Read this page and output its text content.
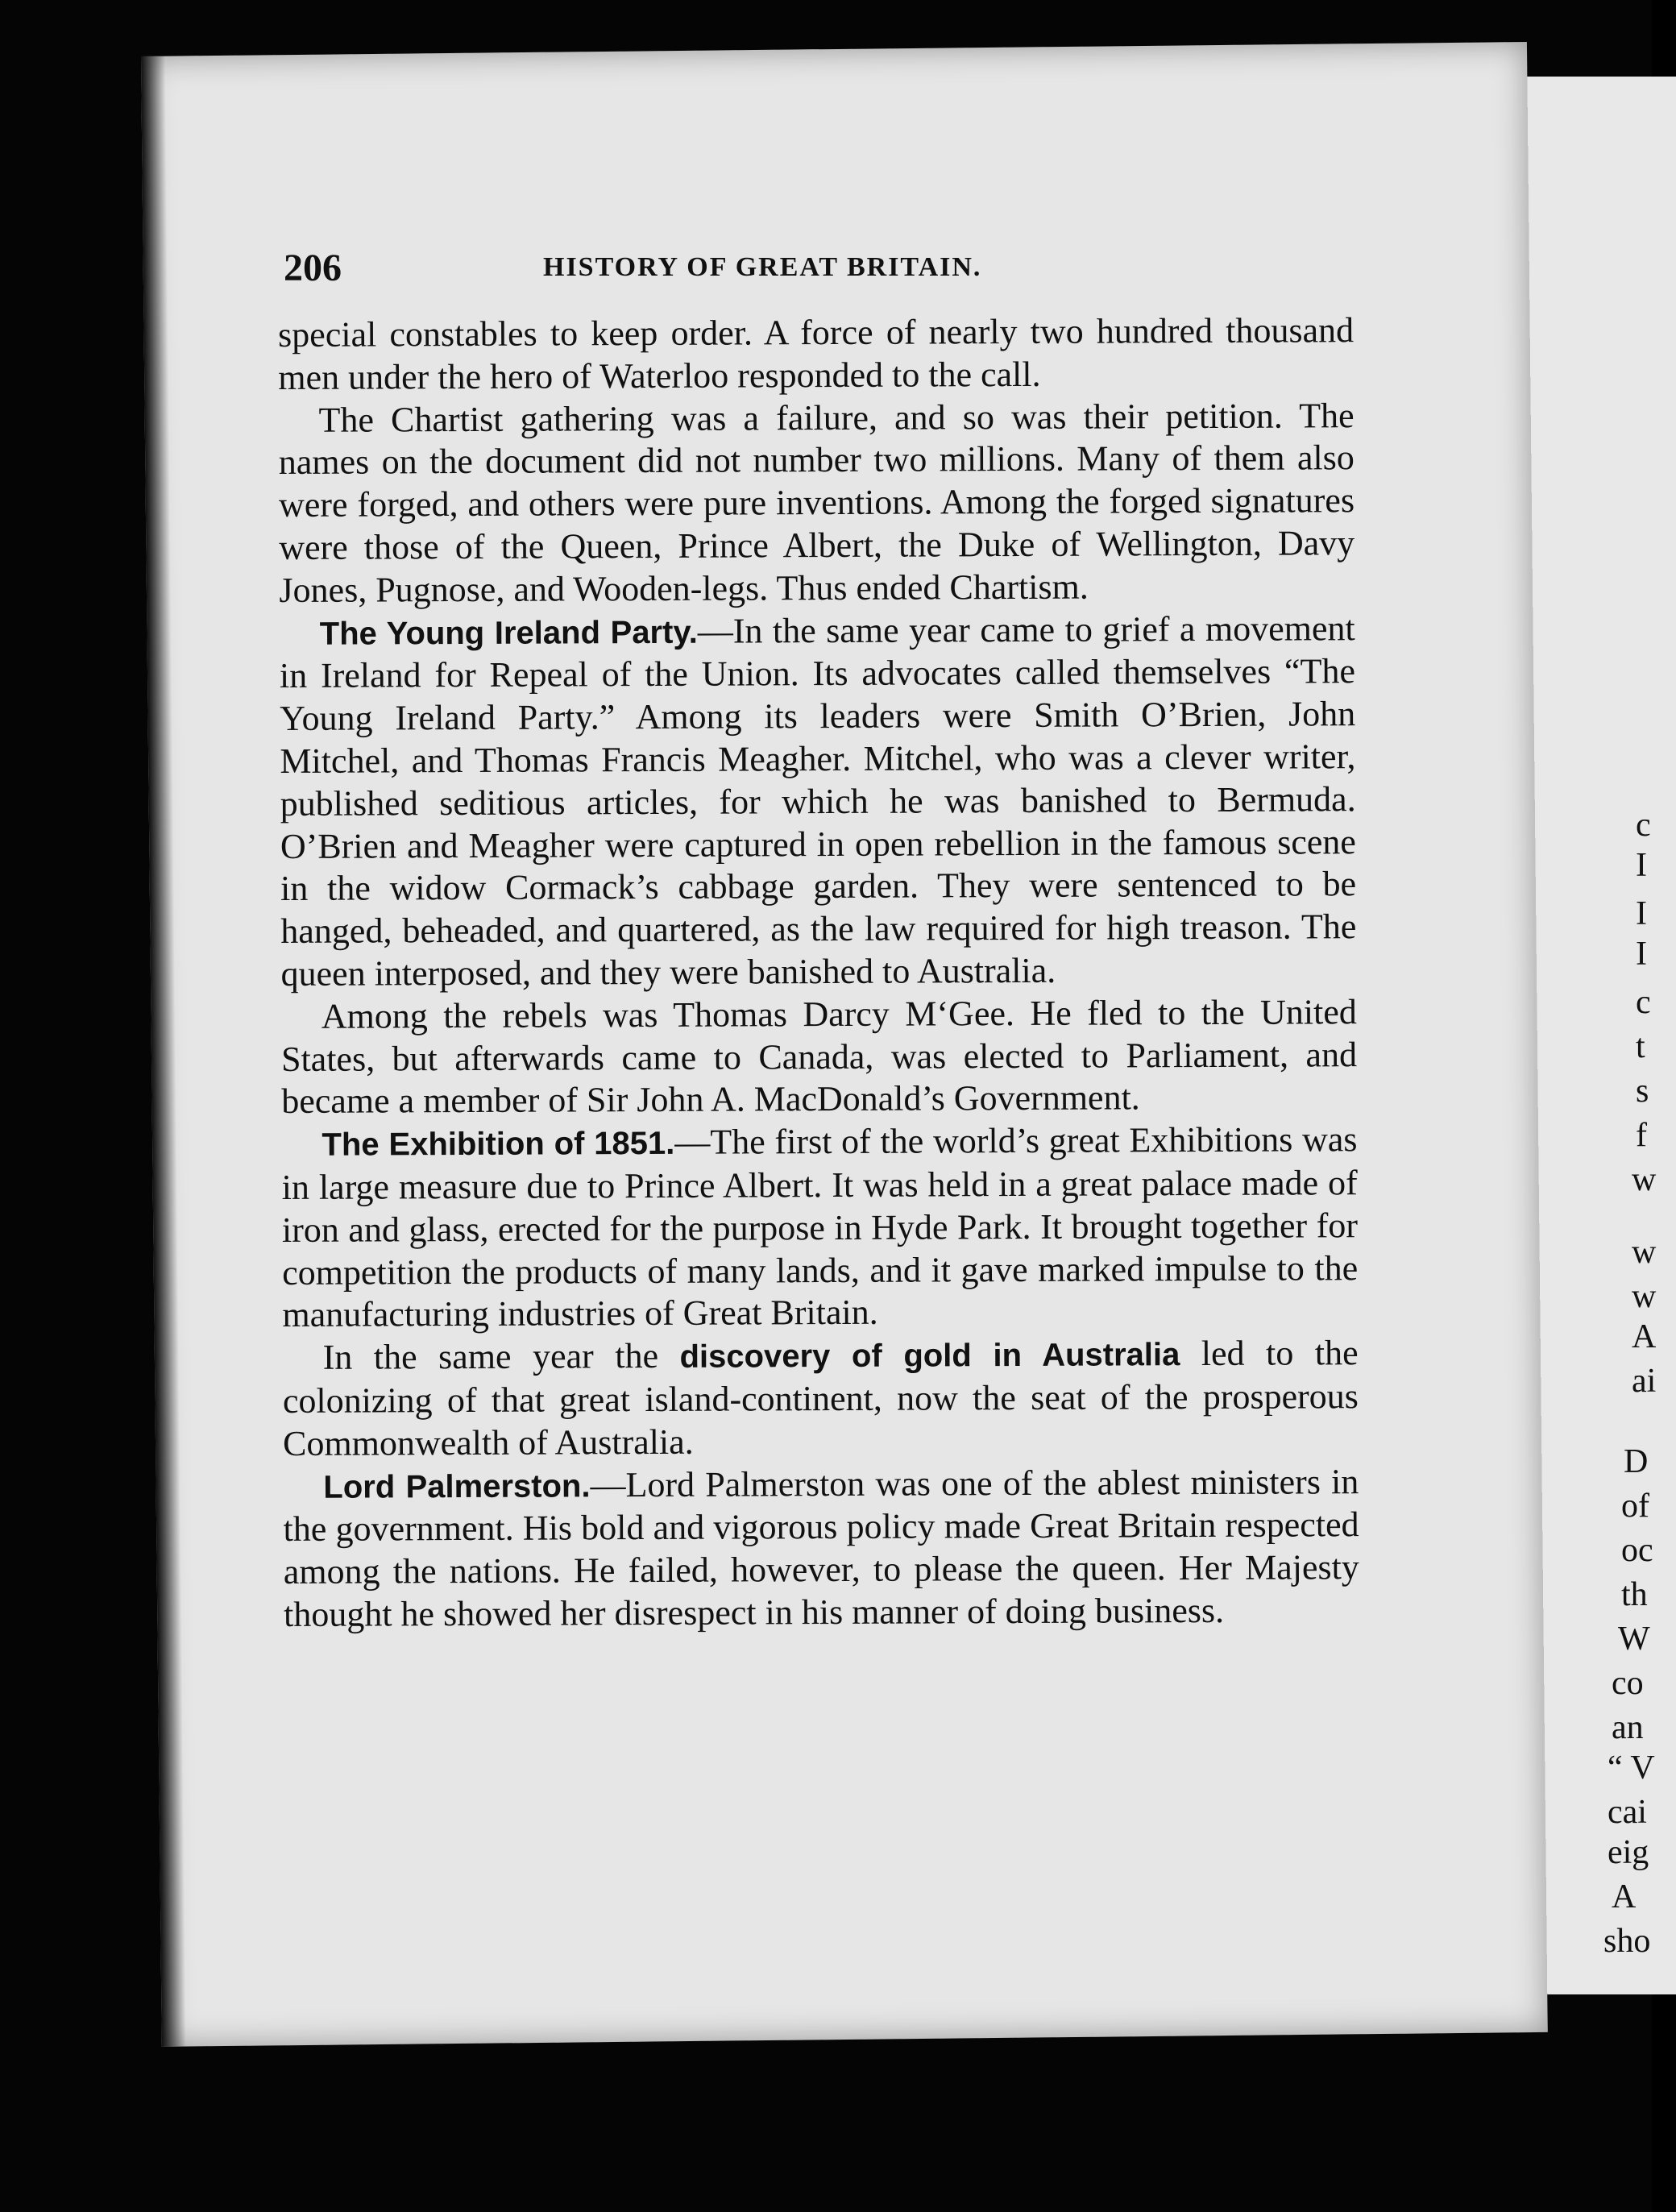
206	HISTORY OF GREAT BRITAIN.

special constables to keep order. A force of nearly two hundred thousand men under the hero of Waterloo responded to the call.

The Chartist gathering was a failure, and so was their petition. The names on the document did not number two millions. Many of them also were forged, and others were pure inventions. Among the forged signatures were those of the Queen, Prince Albert, the Duke of Wellington, Davy Jones, Pugnose, and Wooden-legs. Thus ended Chartism.

The Young Ireland Party.—In the same year came to grief a movement in Ireland for Repeal of the Union. Its advocates called themselves “The Young Ireland Party.” Among its leaders were Smith O’Brien, John Mitchel, and Thomas Francis Meagher. Mitchel, who was a clever writer, published seditious articles, for which he was banished to Bermuda. O’Brien and Meagher were captured in open rebellion in the famous scene in the widow Cormack’s cabbage garden. They were sentenced to be hanged, beheaded, and quartered, as the law required for high treason. The queen interposed, and they were banished to Australia.

Among the rebels was Thomas Darcy M‘Gee. He fled to the United States, but afterwards came to Canada, was elected to Parliament, and became a member of Sir John A. MacDonald’s Government.

The Exhibition of 1851.—The first of the world’s great Exhibitions was in large measure due to Prince Albert. It was held in a great palace made of iron and glass, erected for the purpose in Hyde Park. It brought together for competition the products of many lands, and it gave marked impulse to the manufacturing industries of Great Britain.

In the same year the discovery of gold in Australia led to the colonizing of that great island-continent, now the seat of the prosperous Commonwealth of Australia.

Lord Palmerston.—Lord Palmerston was one of the ablest ministers in the government. His bold and vigorous policy made Great Britain respected among the nations. He failed, however, to please the queen. Her Majesty thought he showed her disrespect in his manner of doing business.

c
I
I
I
c
t
s
f
w
w
w
A
ai
D
of
oc
th
W
co
an
“ V
cai
eig
A
sho
